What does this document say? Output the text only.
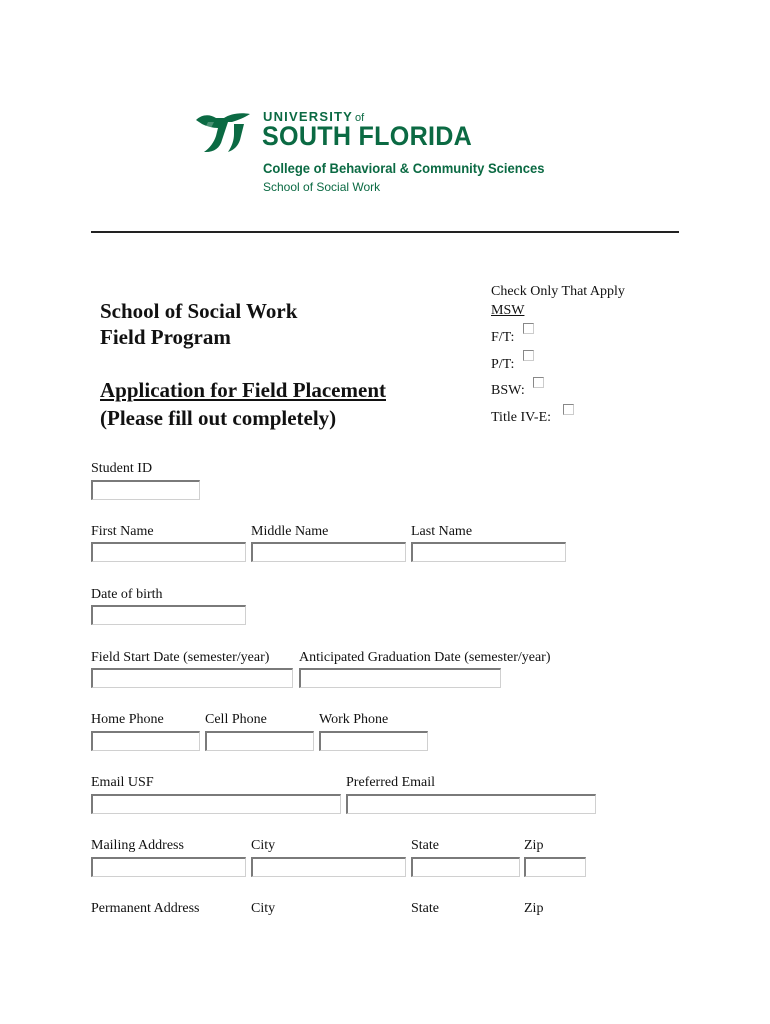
UNIVERSITY of
SOUTH FLORIDA
College of Behavioral & Community Sciences
School of Social Work
School of Social Work
Field Program
Application for Field Placement
(Please fill out completely)
Check Only That Apply
MSW
F/T:
P/T:
BSW:
Title IV-E:
Student ID
First Name	Middle Name	Last Name
Date of birth
Field Start Date (semester/year) Anticipated Graduation Date (semester/year)
Home Phone	Cell Phone	Work Phone
Email USF	Preferred Email
Mailing Address	City	State	Zip
Permanent Address	City	State	Zip
